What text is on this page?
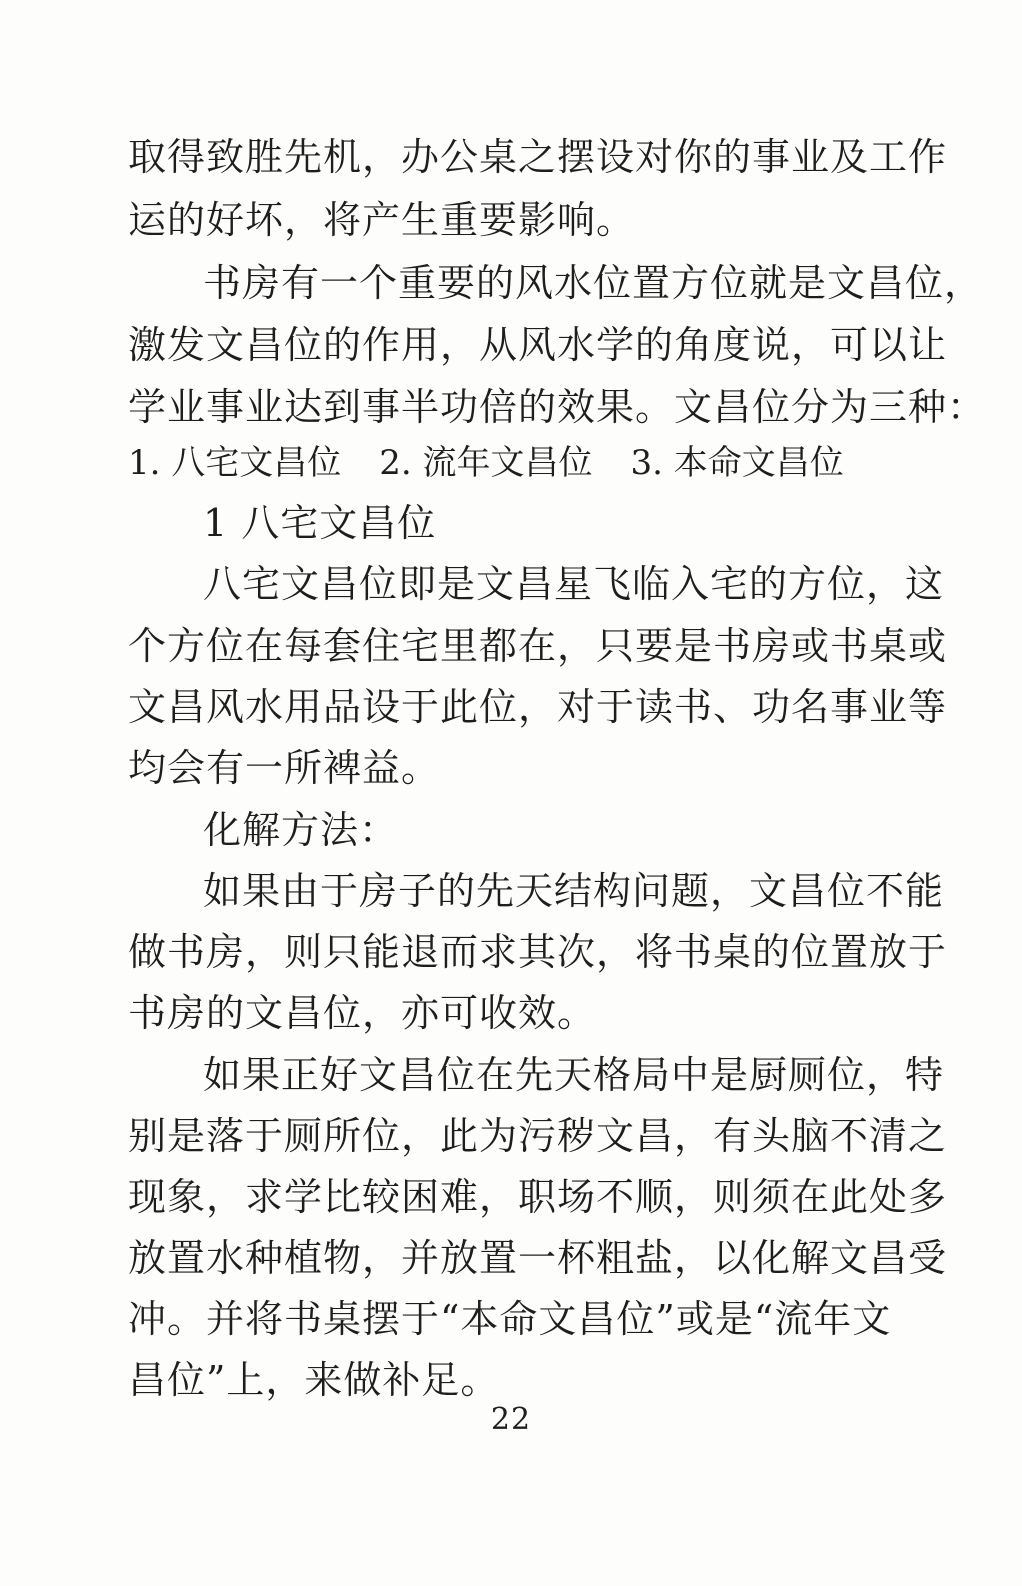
取得致胜先机，办公桌之摆设对你的事业及工作
运的好坏，将产生重要影响。
书房有一个重要的风水位置方位就是文昌位，
激发文昌位的作用，从风水学的角度说，可以让
学业事业达到事半功倍的效果。文昌位分为三种：
1. 八宅文昌位 2. 流年文昌位 3. 本命文昌位
1 八宅文昌位
八宅文昌位即是文昌星飞临入宅的方位，这
个方位在每套住宅里都在，只要是书房或书桌或
文昌风水用品设于此位，对于读书、功名事业等
均会有一所裨益。
化解方法：
如果由于房子的先天结构问题，文昌位不能
做书房，则只能退而求其次，将书桌的位置放于
书房的文昌位，亦可收效。
如果正好文昌位在先天格局中是厨厕位，特
别是落于厕所位，此为污秽文昌，有头脑不清之
现象，求学比较困难，职场不顺，则须在此处多
放置水种植物，并放置一杯粗盐，以化解文昌受
冲。并将书桌摆于“本命文昌位”或是“流年文
昌位”上，来做补足。
22
